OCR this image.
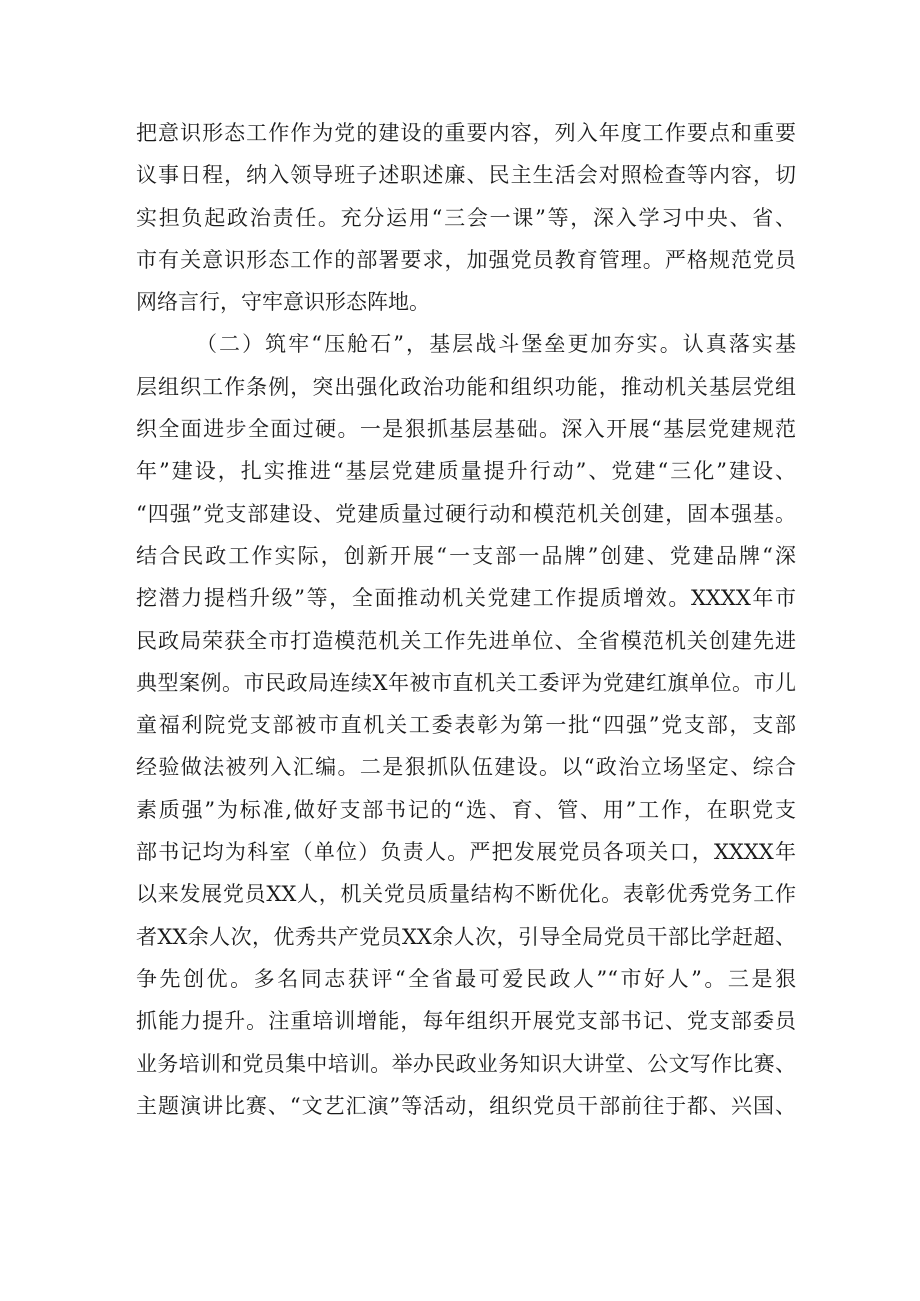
把意识形态工作作为党的建设的重要内容，列入年度工作要点和重要
议事日程，纳入领导班子述职述廉、民主生活会对照检查等内容，切
实担负起政治责任。充分运用“三会一课”等，深入学习中央、省、
市有关意识形态工作的部署要求，加强党员教育管理。严格规范党员
网络言行，守牢意识形态阵地。
（二）筑牢“压舱石”，基层战斗堡垒更加夯实。认真落实基
层组织工作条例，突出强化政治功能和组织功能，推动机关基层党组
织全面进步全面过硬。一是狠抓基层基础。深入开展“基层党建规范
年”建设，扎实推进“基层党建质量提升行动”、党建“三化”建设、
“四强”党支部建设、党建质量过硬行动和模范机关创建，固本强基。
结合民政工作实际，创新开展“一支部一品牌”创建、党建品牌“深
挖潜力提档升级”等，全面推动机关党建工作提质增效。XXXX年市
民政局荣获全市打造模范机关工作先进单位、全省模范机关创建先进
典型案例。市民政局连续X年被市直机关工委评为党建红旗单位。市儿
童福利院党支部被市直机关工委表彰为第一批“四强”党支部，支部
经验做法被列入汇编。二是狠抓队伍建设。以“政治立场坚定、综合
素质强”为标准,做好支部书记的“选、育、管、用”工作，在职党支
部书记均为科室（单位）负责人。严把发展党员各项关口，XXXX年
以来发展党员XX人，机关党员质量结构不断优化。表彰优秀党务工作
者XX余人次，优秀共产党员XX余人次，引导全局党员干部比学赶超、
争先创优。多名同志获评“全省最可爱民政人”“市好人”。三是狠
抓能力提升。注重培训增能，每年组织开展党支部书记、党支部委员
业务培训和党员集中培训。举办民政业务知识大讲堂、公文写作比赛、
主题演讲比赛、“文艺汇演”等活动，组织党员干部前往于都、兴国、
